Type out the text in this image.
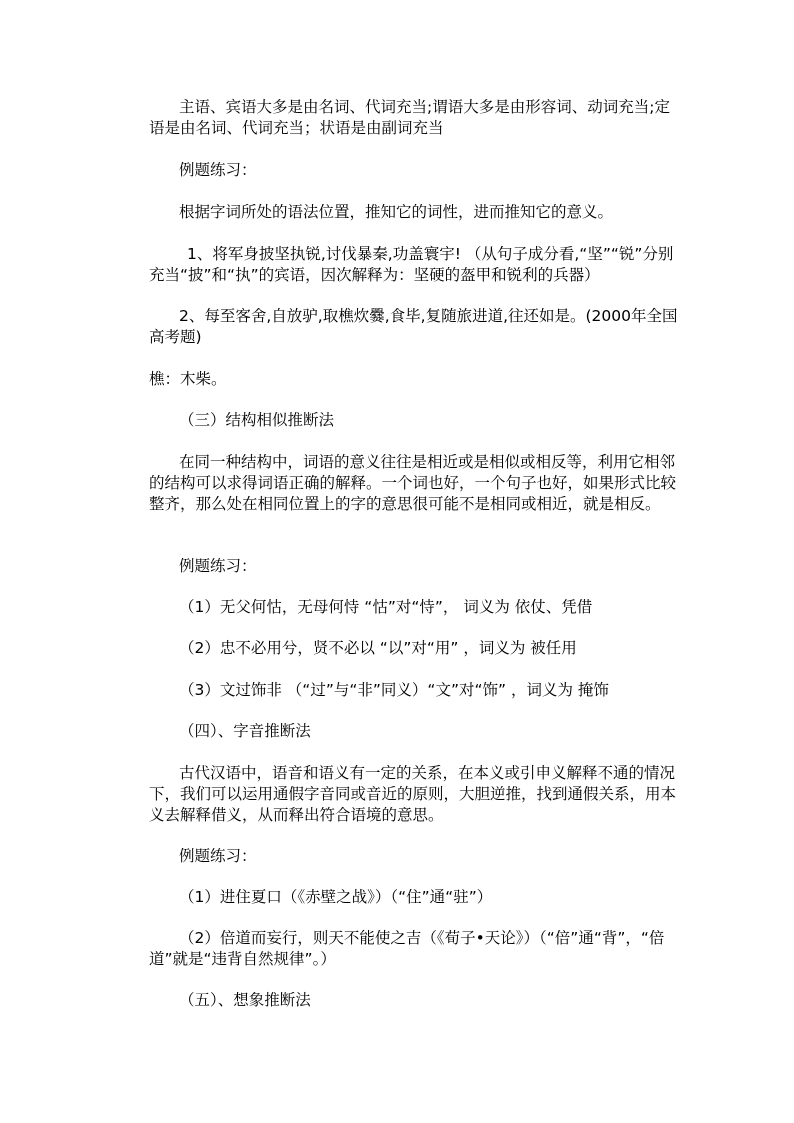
主语、宾语大多是由名词、代词充当;谓语大多是由形容词、动词充当;定语是由名词、代词充当；状语是由副词充当

例题练习：

根据字词所处的语法位置，推知它的词性，进而推知它的意义。

1、将军身披坚执锐,讨伐暴秦,功盖寰宇! （从句子成分看,“坚”“锐”分别充当“披”和“执”的宾语，因次解释为：坚硬的盔甲和锐利的兵器）

2、每至客舍,自放驴,取樵炊爨,食毕,复随旅进道,往还如是。(2000年全国高考题)

樵：木柴。

（三）结构相似推断法

在同一种结构中，词语的意义往往是相近或是相似或相反等，利用它相邻的结构可以求得词语正确的解释。一个词也好，一个句子也好，如果形式比较整齐，那么处在相同位置上的字的意思很可能不是相同或相近，就是相反。

例题练习：

（1）无父何怙，无母何恃 “怙”对“恃”， 词义为 依仗、凭借

（2）忠不必用兮，贤不必以 “以”对“用” ，词义为 被任用

（3）文过饰非 （“过”与“非”同义）“文”对“饰” ，词义为 掩饰

（四）、字音推断法

古代汉语中，语音和语义有一定的关系，在本义或引申义解释不通的情况下，我们可以运用通假字音同或音近的原则，大胆逆推，找到通假关系，用本义去解释借义，从而释出符合语境的意思。

例题练习：

（1）进住夏口（《赤壁之战》）（“住”通“驻”）

（2）倍道而妄行，则天不能使之吉（《荀子•天论》）（“倍”通“背”，“倍道”就是“违背自然规律”。）

（五）、想象推断法
